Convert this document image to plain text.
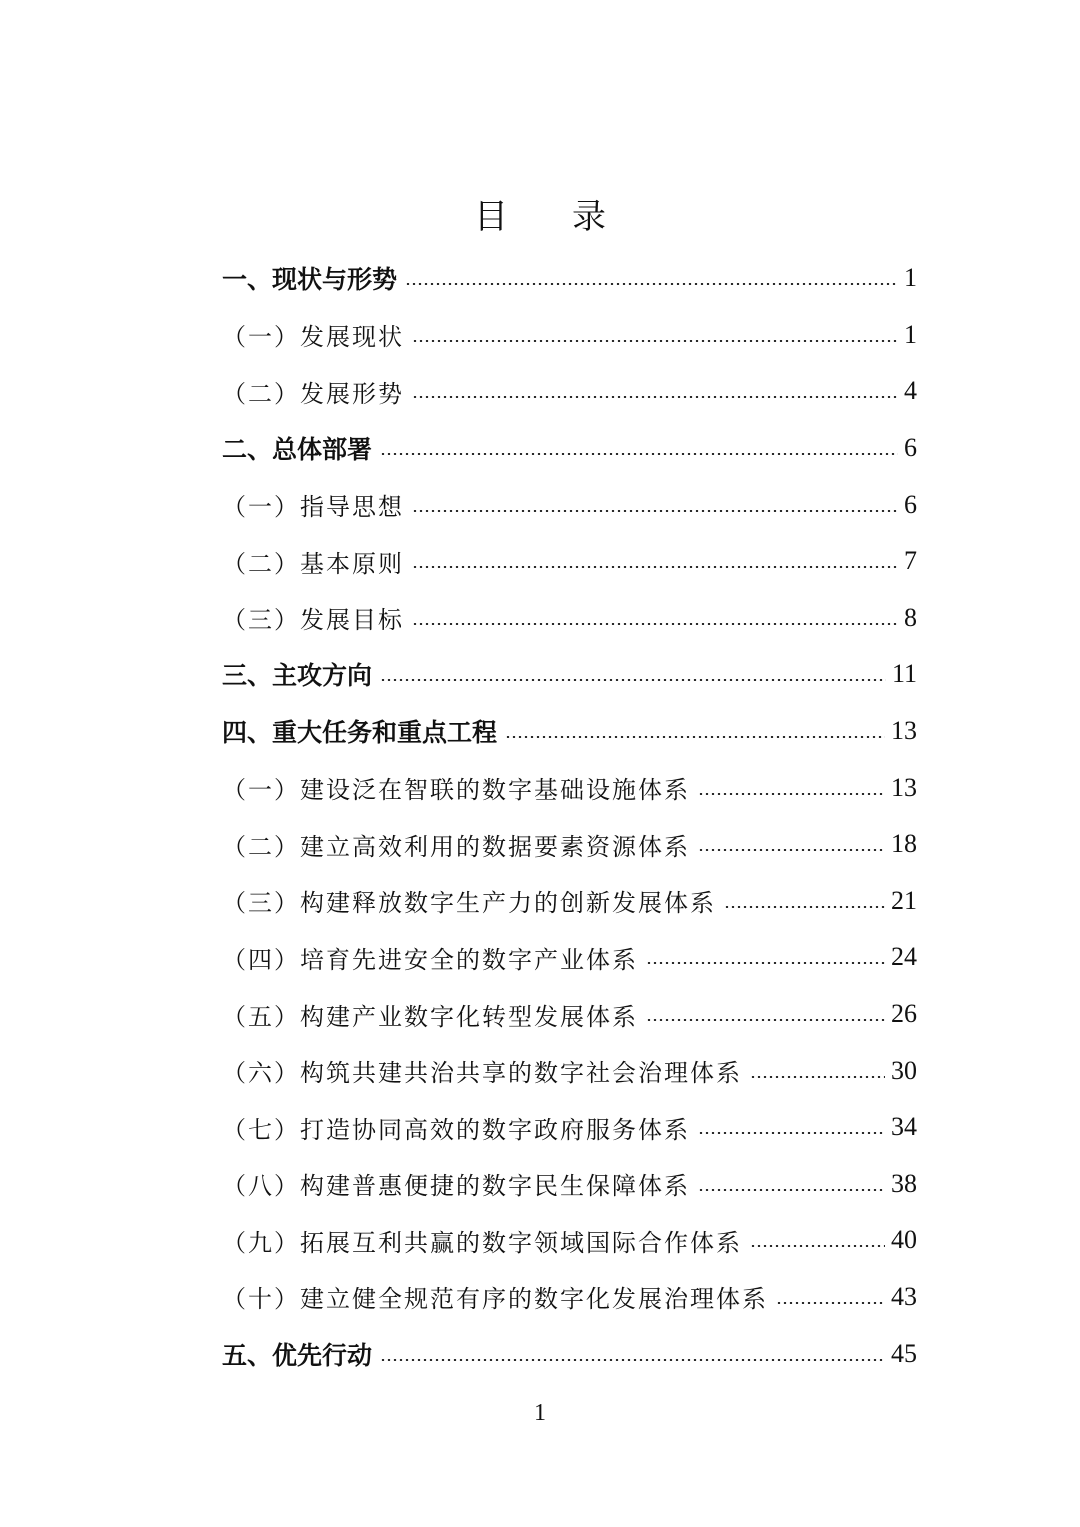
目 录
一、 现状与形势	1
（一） 发展现状	1
（二） 发展形势	4
二、 总体部署	6
（一） 指导思想	6
（二） 基本原则	7
（三） 发展目标	8
三、 主攻方向	11
四、 重大任务和重点工程	13
（一） 建设泛在智联的数字基础设施体系	13
（二） 建立高效利用的数据要素资源体系	18
（三） 构建释放数字生产力的创新发展体系	21
（四） 培育先进安全的数字产业体系	24
（五） 构建产业数字化转型发展体系	26
（六） 构筑共建共治共享的数字社会治理体系	30
（七） 打造协同高效的数字政府服务体系	34
（八） 构建普惠便捷的数字民生保障体系	38
（九） 拓展互利共赢的数字领域国际合作体系	40
（十） 建立健全规范有序的数字化发展治理体系	43
五、 优先行动	45
1
